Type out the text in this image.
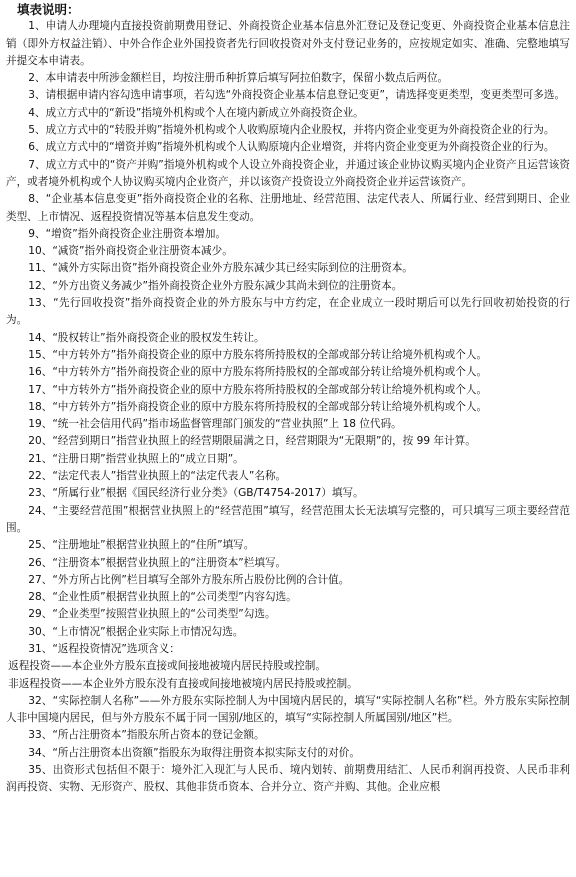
填表说明：

1、申请人办理境内直接投资前期费用登记、外商投资企业基本信息外汇登记及登记变更、外商投资企业基本信息注销（即外方权益注销）、中外合作企业外国投资者先行回收投资对外支付登记业务的，应按规定如实、准确、完整地填写并提交本申请表。

2、本申请表中所涉金额栏目，均按注册币种折算后填写阿拉伯数字，保留小数点后两位。

3、请根据申请内容勾选申请事项，若勾选“外商投资企业基本信息登记变更”，请选择变更类型，变更类型可多选。

4、成立方式中的“新设”指境外机构或个人在境内新成立外商投资企业。

5、成立方式中的“转股并购”指境外机构或个人收购原境内企业股权，并将内资企业变更为外商投资企业的行为。

6、成立方式中的“增资并购”指境外机构或个人认购原境内企业增资，并将内资企业变更为外商投资企业的行为。

7、成立方式中的“资产并购”指境外机构或个人设立外商投资企业，并通过该企业协议购买境内企业资产且运营该资产，或者境外机构或个人协议购买境内企业资产，并以该资产投资设立外商投资企业并运营该资产。

8、“企业基本信息变更”指外商投资企业的名称、注册地址、经营范围、法定代表人、所属行业、经营到期日、企业类型、上市情况、返程投资情况等基本信息发生变动。

9、“增资”指外商投资企业注册资本增加。

10、“减资”指外商投资企业注册资本减少。

11、“减外方实际出资”指外商投资企业外方股东减少其已经实际到位的注册资本。

12、“外方出资义务减少”指外商投资企业外方股东减少其尚未到位的注册资本。

13、“先行回收投资”指外商投资企业的外方股东与中方约定，在企业成立一段时期后可以先行回收初始投资的行为。

14、“股权转让”指外商投资企业的股权发生转让。

15、“中方转外方”指外商投资企业的原中方股东将所持股权的全部或部分转让给境外机构或个人。

16、“中方转外方”指外商投资企业的原中方股东将所持股权的全部或部分转让给境外机构或个人。

17、“中方转外方”指外商投资企业的原中方股东将所持股权的全部或部分转让给境外机构或个人。

18、“中方转外方”指外商投资企业的原中方股东将所持股权的全部或部分转让给境外机构或个人。

19、“统一社会信用代码”指市场监督管理部门颁发的“营业执照”上 18 位代码。

20、“经营到期日”指营业执照上的经营期限届满之日，经营期限为“无限期”的，按 99 年计算。

21、“注册日期”指营业执照上的“成立日期”。

22、“法定代表人”指营业执照上的“法定代表人”名称。

23、“所属行业”根据《国民经济行业分类》（GB/T4754-2017）填写。

24、“主要经营范围”根据营业执照上的“经营范围”填写，经营范围太长无法填写完整的，可只填写三项主要经营范围。

25、“注册地址”根据营业执照上的“住所”填写。

26、“注册资本”根据营业执照上的“注册资本”栏填写。

27、“外方所占比例”栏目填写全部外方股东所占股份比例的合计值。

28、“企业性质”根据营业执照上的“公司类型”内容勾选。

29、“企业类型”按照营业执照上的“公司类型”勾选。

30、“上市情况”根据企业实际上市情况勾选。

31、“返程投资情况”选项含义：

返程投资——本企业外方股东直接或间接地被境内居民持股或控制。

非返程投资——本企业外方股东没有直接或间接地被境内居民持股或控制。

32、“实际控制人名称”——外方股东实际控制人为中国境内居民的，填写“实际控制人名称”栏。外方股东实际控制人非中国境内居民，但与外方股东不属于同一国别/地区的，填写“实际控制人所属国别/地区”栏。

33、“所占注册资本”指股东所占资本的登记金额。

34、“所占注册资本出资额”指股东为取得注册资本拟实际支付的对价。

35、出资形式包括但不限于：境外汇入现汇与人民币、境内划转、前期费用结汇、人民币利润再投资、人民币非利润再投资、实物、无形资产、股权、其他非货币资本、合并分立、资产并购、其他。企业应根
